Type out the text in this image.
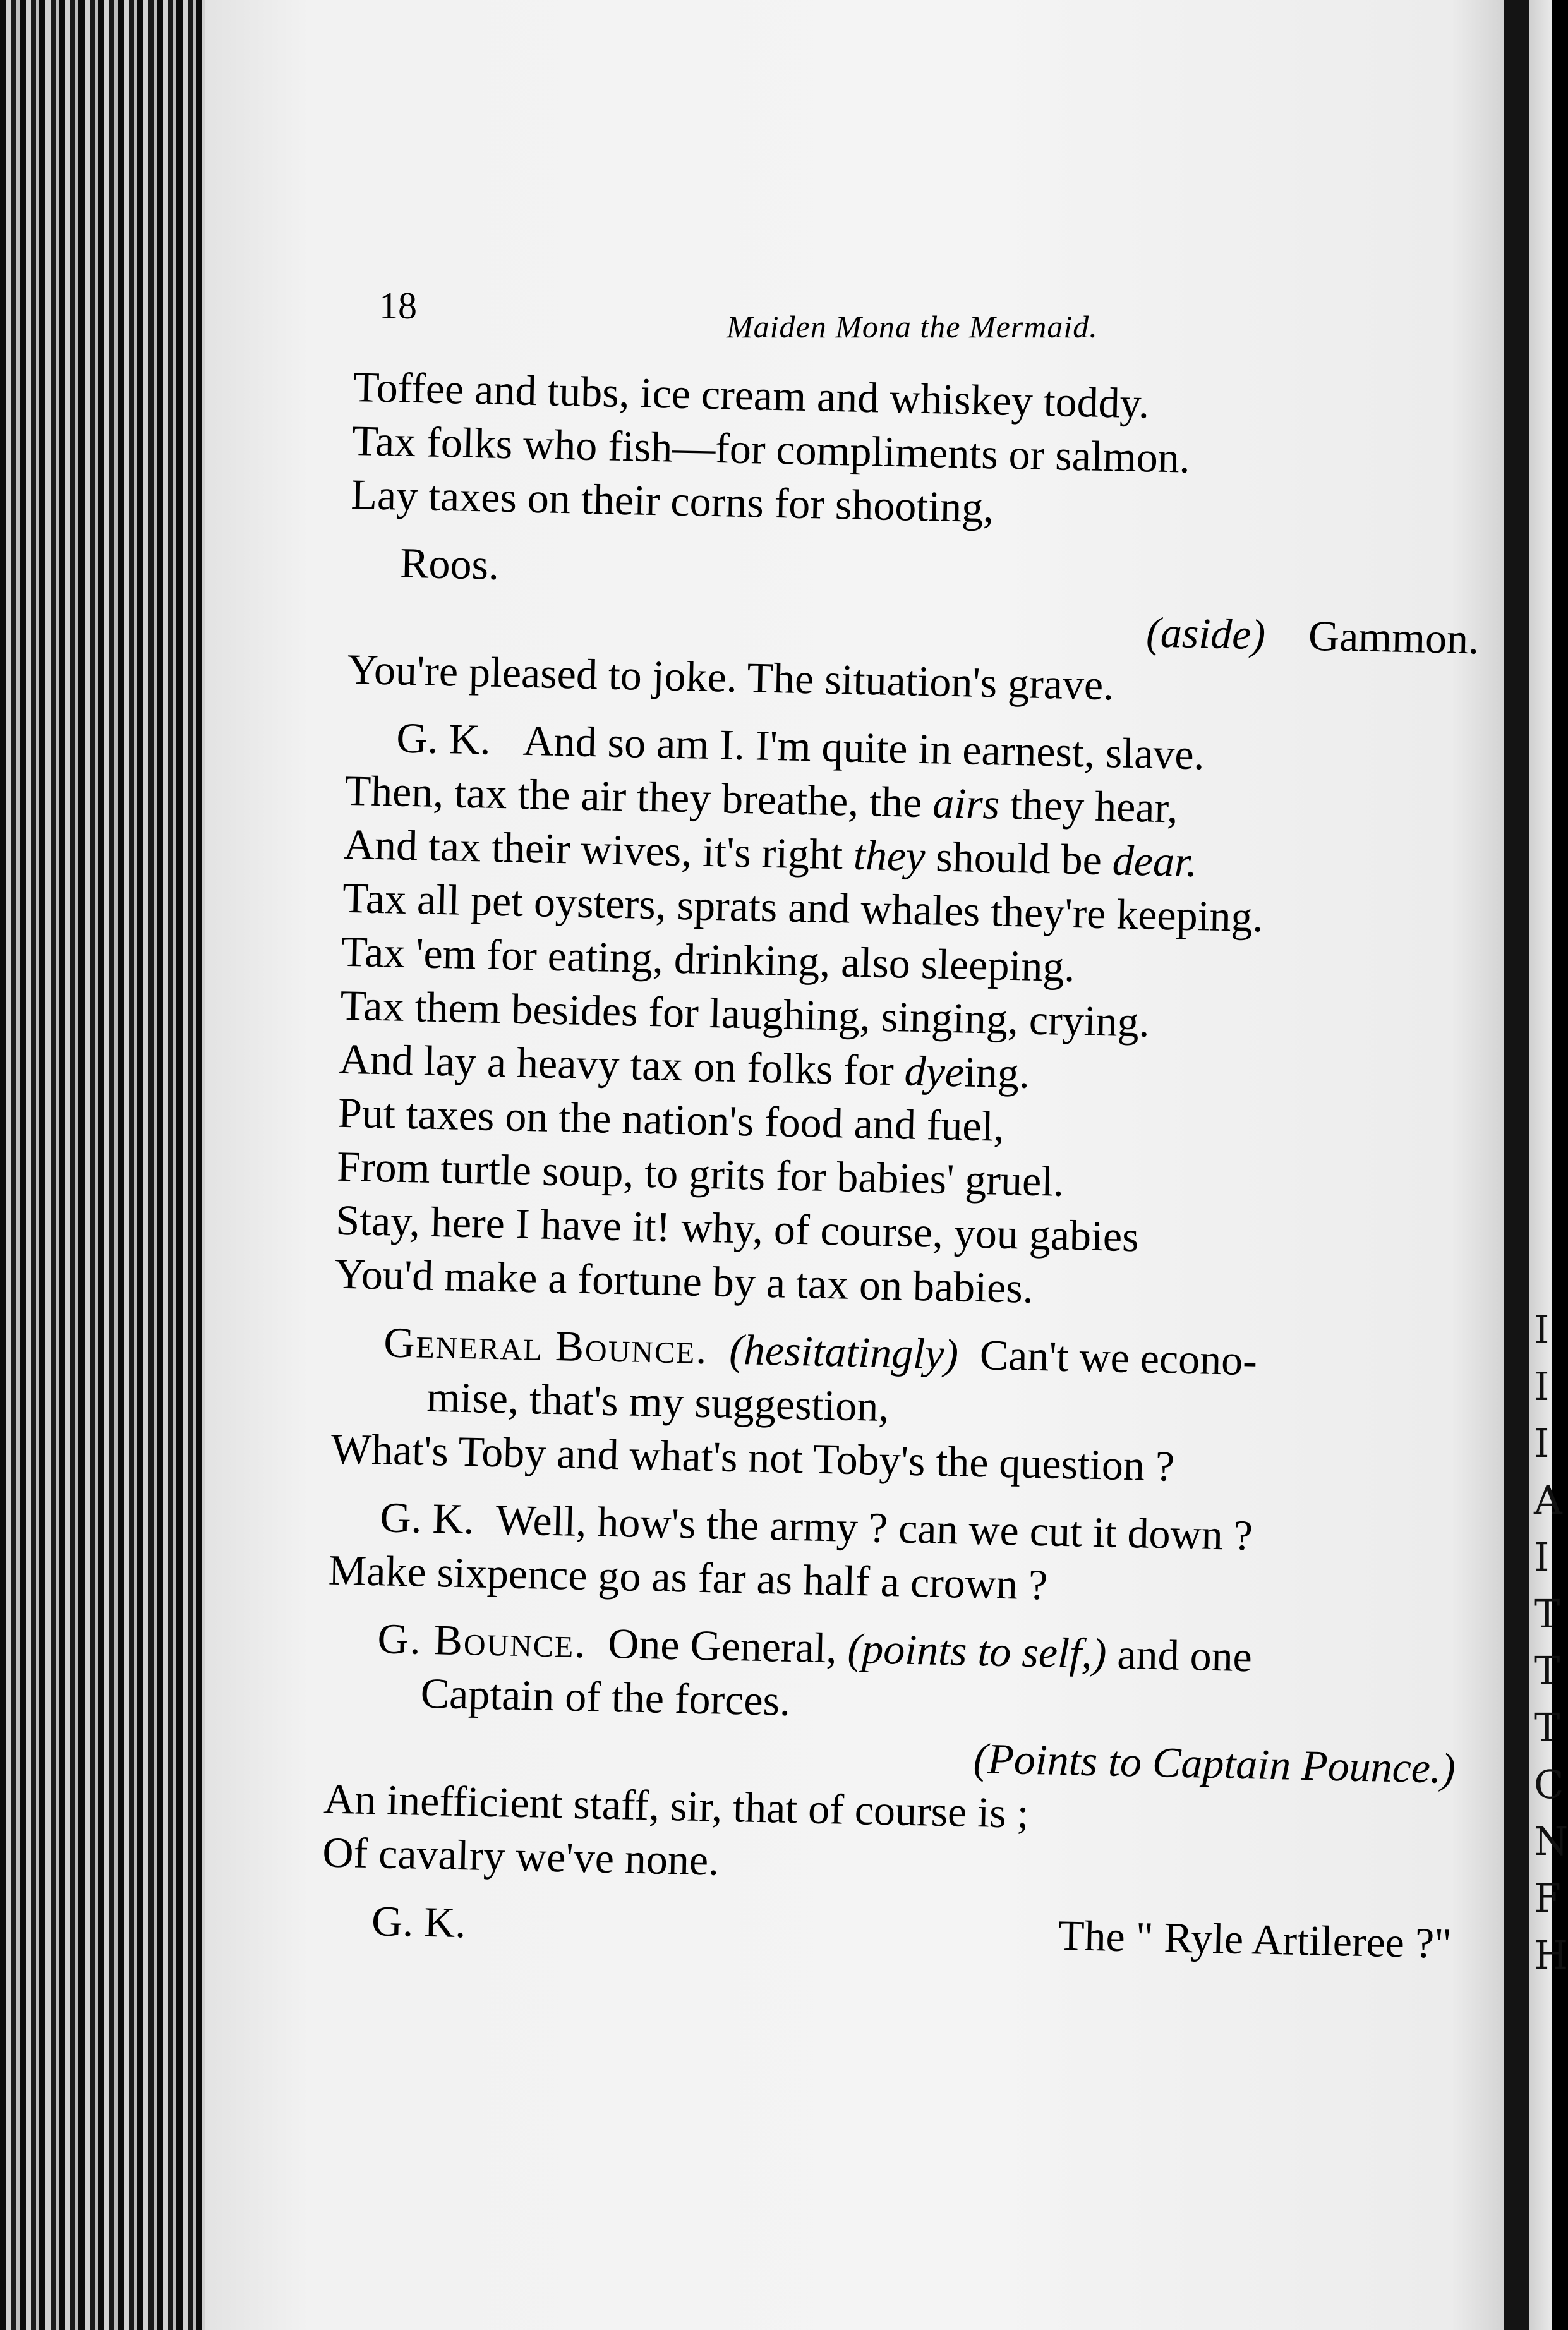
18	Maiden Mona the Mermaid.
Toffee and tubs, ice cream and whiskey toddy.
Tax folks who fish—for compliments or salmon.
Lay taxes on their corns for shooting,
Roos.
(aside) Gammon.
You're pleased to joke. The situation's grave.
G. K. And so am I. I'm quite in earnest, slave.
Then, tax the air they breathe, the airs they hear,
And tax their wives, it's right they should be dear.
Tax all pet oysters, sprats and whales they're keeping.
Tax 'em for eating, drinking, also sleeping.
Tax them besides for laughing, singing, crying.
And lay a heavy tax on folks for dyeing.
Put taxes on the nation's food and fuel,
From turtle soup, to grits for babies' gruel.
Stay, here I have it! why, of course, you gabies
You'd make a fortune by a tax on babies.
General Bounce. (hesitatingly) Can't we econo-
mise, that's my suggestion,
What's Toby and what's not Toby's the question ?
G. K. Well, how's the army ? can we cut it down ?
Make sixpence go as far as half a crown ?
G. Bounce. One General, (points to self,) and one
Captain of the forces.
(Points to Captain Pounce.)
An inefficient staff, sir, that of course is ;
Of cavalry we've none.
G. K.	The " Ryle Artileree ?"
I
I
I
A
I
T
T
T
C
N
F
H
